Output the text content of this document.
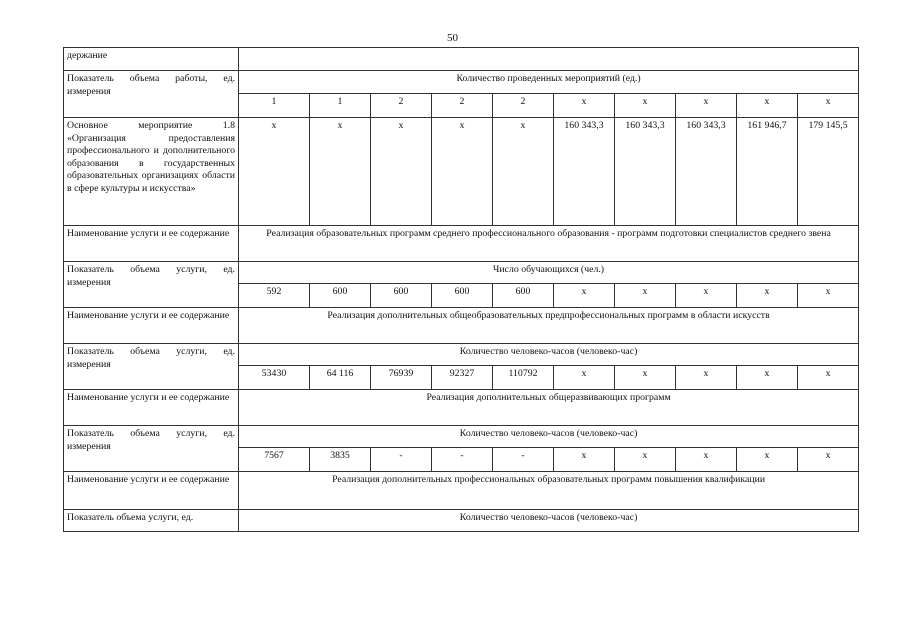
50
держание										
Показатель объема работы, ед. измерения	Количество проведенных мероприятий (ед.)									
	1	1	2	2	2	x	x	x	x	x
Основное мероприятие 1.8 «Организация предоставления профессионального и дополнительного образования в государственных образовательных организациях области в сфере культуры и искусства»	x	x	x	x	x	160 343,3	160 343,3	160 343,3	161 946,7	179 145,5
Наименование услуги и ее содержание	Реализация образовательных программ среднего профессионального образования - программ подготовки специалистов среднего звена									
Показатель объема услуги, ед. измерения	Число обучающихся (чел.)									
	592	600	600	600	600	x	x	x	x	x
Наименование услуги и ее содержание	Реализация дополнительных общеобразовательных предпрофессиональных программ в области искусств									
Показатель объема услуги, ед. измерения	Количество человеко-часов (человеко-час)									
	53430	64 116	76939	92327	110792	x	x	x	x	x
Наименование услуги и ее содержание	Реализация дополнительных общеразвивающих программ									
Показатель объема услуги, ед. измерения	Количество человеко-часов (человеко-час)									
	7567	3835	-	-	-	x	x	x	x	x
Наименование услуги и ее содержание	Реализация дополнительных профессиональных образовательных программ повышения квалификации									
Показатель объема услуги, ед.	Количество человеко-часов (человеко-час)									
